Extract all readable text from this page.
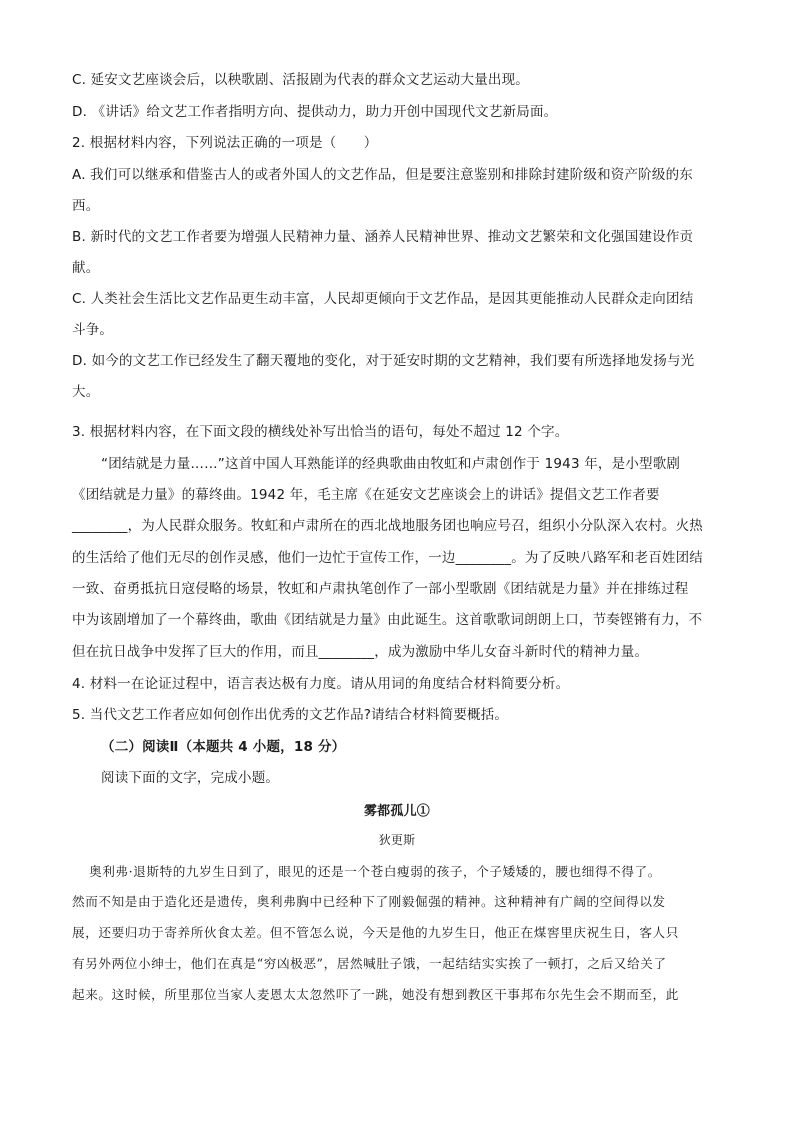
C. 延安文艺座谈会后，以秧歌剧、活报剧为代表的群众文艺运动大量出现。
D. 《讲话》给文艺工作者指明方向、提供动力，助力开创中国现代文艺新局面。
2. 根据材料内容，下列说法正确的一项是（　　）
A. 我们可以继承和借鉴古人的或者外国人的文艺作品，但是要注意鉴别和排除封建阶级和资产阶级的东
西。
B. 新时代的文艺工作者要为增强人民精神力量、涵养人民精神世界、推动文艺繁荣和文化强国建设作贡
献。
C. 人类社会生活比文艺作品更生动丰富，人民却更倾向于文艺作品，是因其更能推动人民群众走向团结
斗争。
D. 如今的文艺工作已经发生了翻天覆地的变化，对于延安时期的文艺精神，我们要有所选择地发扬与光
大。
3. 根据材料内容，在下面文段的横线处补写出恰当的语句，每处不超过 12 个字。
“团结就是力量……”这首中国人耳熟能详的经典歌曲由牧虹和卢肃创作于 1943 年，是小型歌剧
《团结就是力量》的幕终曲。1942 年，毛主席《在延安文艺座谈会上的讲话》提倡文艺工作者要
________，为人民群众服务。牧虹和卢肃所在的西北战地服务团也响应号召，组织小分队深入农村。火热
的生活给了他们无尽的创作灵感，他们一边忙于宣传工作，一边________。为了反映八路军和老百姓团结
一致、奋勇抵抗日寇侵略的场景，牧虹和卢肃执笔创作了一部小型歌剧《团结就是力量》并在排练过程
中为该剧增加了一个幕终曲，歌曲《团结就是力量》由此诞生。这首歌歌词朗朗上口，节奏铿锵有力，不
但在抗日战争中发挥了巨大的作用，而且________，成为激励中华儿女奋斗新时代的精神力量。
4. 材料一在论证过程中，语言表达极有力度。请从用词的角度结合材料简要分析。
5. 当代文艺工作者应如何创作出优秀的文艺作品?请结合材料简要概括。
（二）阅读Ⅱ（本题共 4 小题，18 分）
阅读下面的文字，完成小题。
雾都孤儿①
狄更斯
奥利弗·退斯特的九岁生日到了，眼见的还是一个苍白瘦弱的孩子，个子矮矮的，腰也细得不得了。
然而不知是由于造化还是遗传，奥利弗胸中已经种下了刚毅倔强的精神。这种精神有广阔的空间得以发
展，还要归功于寄养所伙食太差。但不管怎么说，今天是他的九岁生日，他正在煤窖里庆祝生日，客人只
有另外两位小绅士，他们在真是“穷凶极恶”，居然喊肚子饿，一起结结实实挨了一顿打，之后又给关了
起来。这时候，所里那位当家人麦恩太太忽然吓了一跳，她没有想到教区干事邦布尔先生会不期而至，此
